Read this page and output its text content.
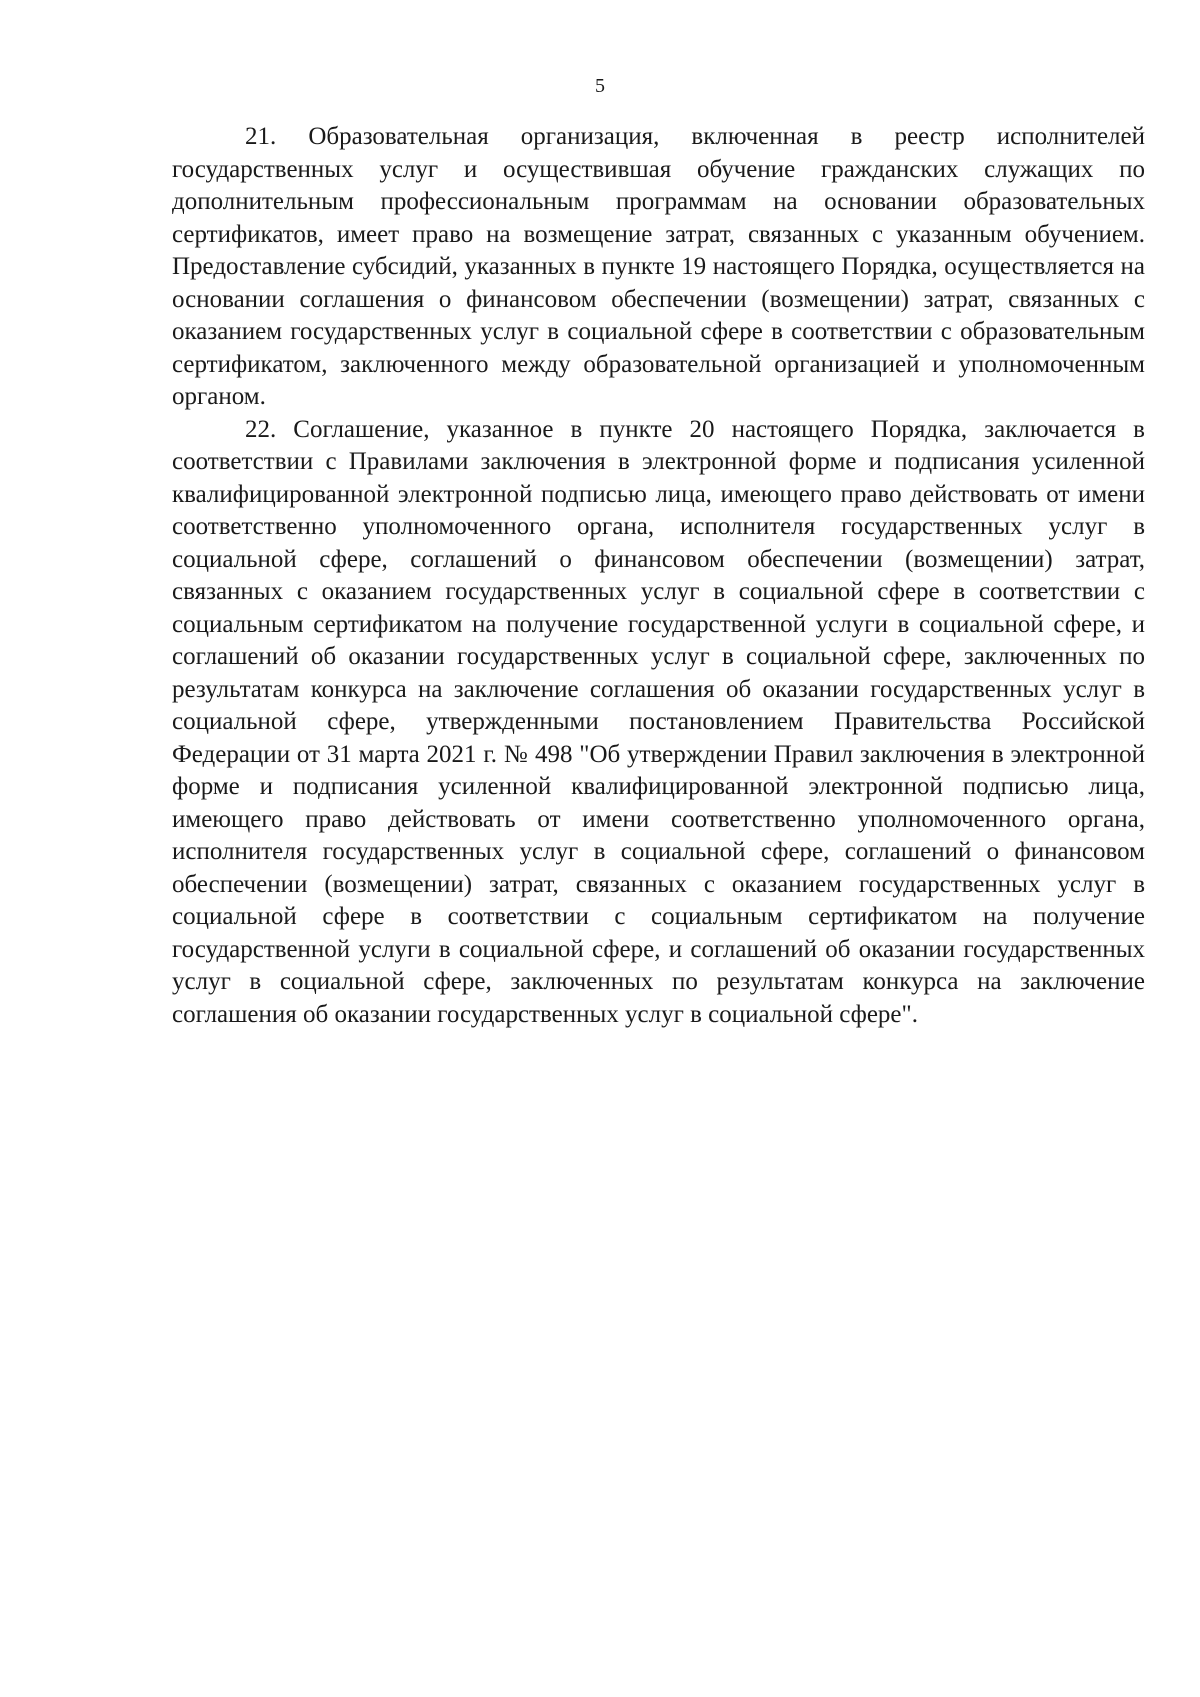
5

21. Образовательная организация, включенная в реестр исполнителей государственных услуг и осуществившая обучение гражданских служащих по дополнительным профессиональным программам на основании образовательных сертификатов, имеет право на возмещение затрат, связанных с указанным обучением. Предоставление субсидий, указанных в пункте 19 настоящего Порядка, осуществляется на основании соглашения о финансовом обеспечении (возмещении) затрат, связанных с оказанием государственных услуг в социальной сфере в соответствии с образовательным сертификатом, заключенного между образовательной организацией и уполномоченным органом.

22. Соглашение, указанное в пункте 20 настоящего Порядка, заключается в соответствии с Правилами заключения в электронной форме и подписания усиленной квалифицированной электронной подписью лица, имеющего право действовать от имени соответственно уполномоченного органа, исполнителя государственных услуг в социальной сфере, соглашений о финансовом обеспечении (возмещении) затрат, связанных с оказанием государственных услуг в социальной сфере в соответствии с социальным сертификатом на получение государственной услуги в социальной сфере, и соглашений об оказании государственных услуг в социальной сфере, заключенных по результатам конкурса на заключение соглашения об оказании государственных услуг в социальной сфере, утвержденными постановлением Правительства Российской Федерации от 31 марта 2021 г. № 498 "Об утверждении Правил заключения в электронной форме и подписания усиленной квалифицированной электронной подписью лица, имеющего право действовать от имени соответственно уполномоченного органа, исполнителя государственных услуг в социальной сфере, соглашений о финансовом обеспечении (возмещении) затрат, связанных с оказанием государственных услуг в социальной сфере в соответствии с социальным сертификатом на получение государственной услуги в социальной сфере, и соглашений об оказании государственных услуг в социальной сфере, заключенных по результатам конкурса на заключение соглашения об оказании государственных услуг в социальной сфере".
